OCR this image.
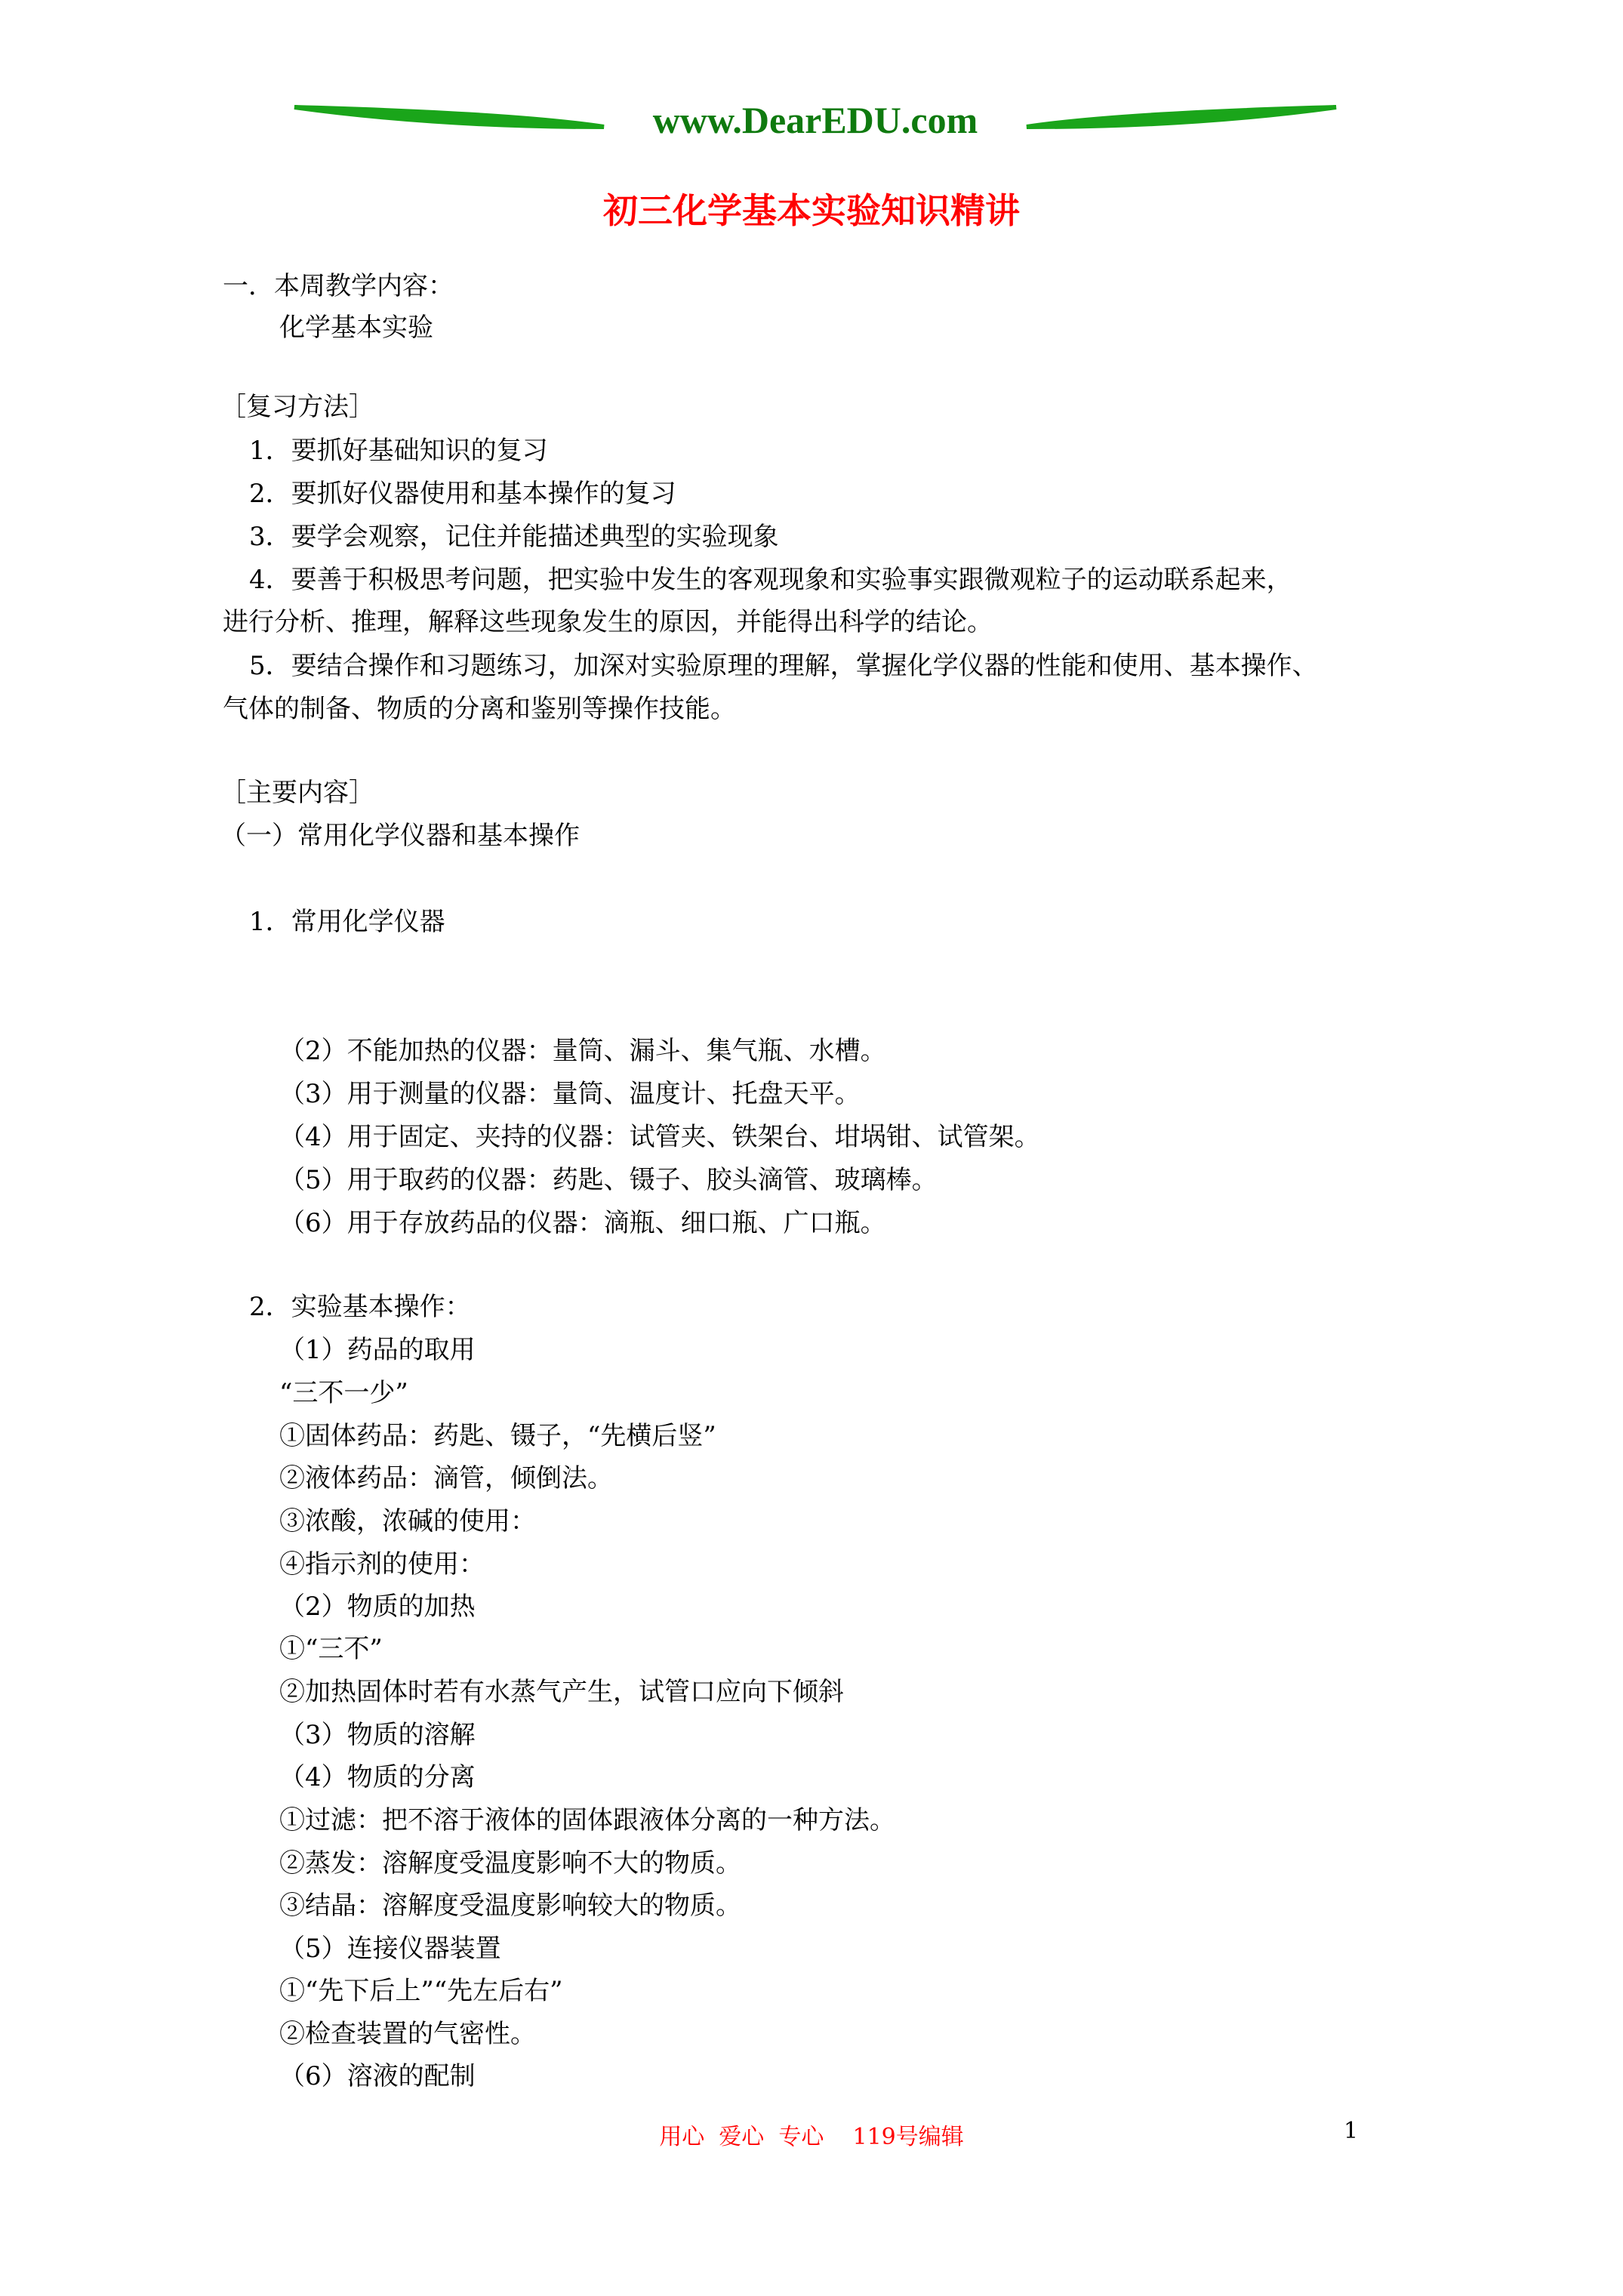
www.DearEDU.com
初三化学基本实验知识精讲
一．本周教学内容：
化学基本实验
［复习方法］
1．要抓好基础知识的复习
2．要抓好仪器使用和基本操作的复习
3．要学会观察，记住并能描述典型的实验现象
4．要善于积极思考问题，把实验中发生的客观现象和实验事实跟微观粒子的运动联系起来，
进行分析、推理，解释这些现象发生的原因，并能得出科学的结论。
5．要结合操作和习题练习，加深对实验原理的理解，掌握化学仪器的性能和使用、基本操作、
气体的制备、物质的分离和鉴别等操作技能。
［主要内容］
（一）常用化学仪器和基本操作
1．常用化学仪器
（2）不能加热的仪器：量筒、漏斗、集气瓶、水槽。
（3）用于测量的仪器：量筒、温度计、托盘天平。
（4）用于固定、夹持的仪器：试管夹、铁架台、坩埚钳、试管架。
（5）用于取药的仪器：药匙、镊子、胶头滴管、玻璃棒。
（6）用于存放药品的仪器：滴瓶、细口瓶、广口瓶。
2．实验基本操作：
（1）药品的取用
“三不一少”
①固体药品：药匙、镊子，“先横后竖”
②液体药品：滴管，倾倒法。
③浓酸，浓碱的使用：
④指示剂的使用：
（2）物质的加热
①“三不”
②加热固体时若有水蒸气产生，试管口应向下倾斜
（3）物质的溶解
（4）物质的分离
①过滤：把不溶于液体的固体跟液体分离的一种方法。
②蒸发：溶解度受温度影响不大的物质。
③结晶：溶解度受温度影响较大的物质。
（5）连接仪器装置
①“先下后上”“先左后右”
②检查装置的气密性。
（6）溶液的配制
用心  爱心  专心    119号编辑	1
